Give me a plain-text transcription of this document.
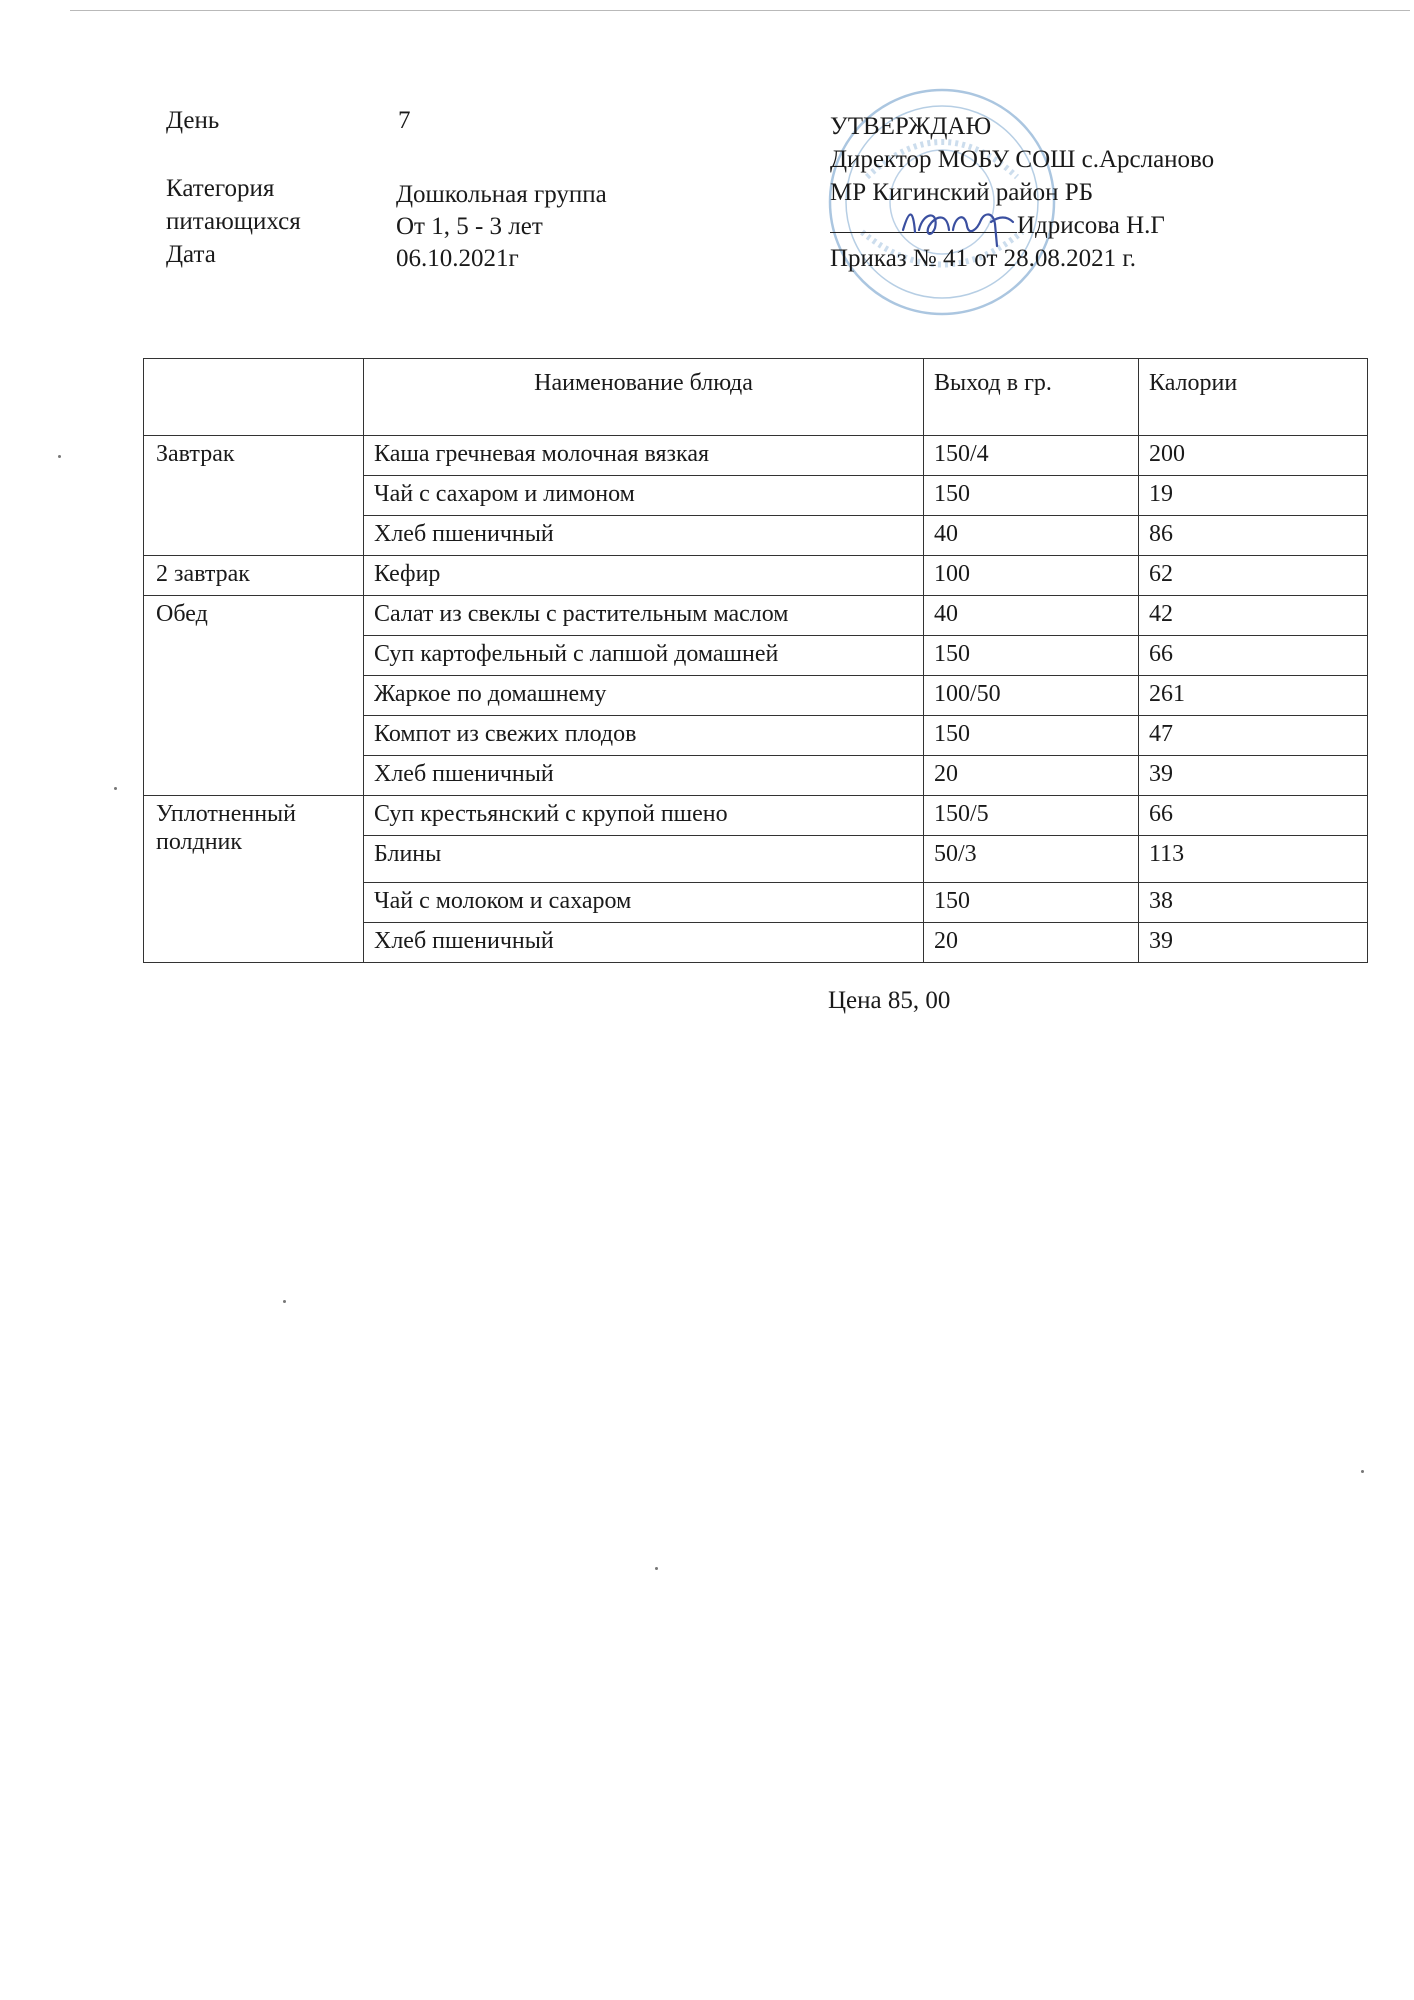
День	7
Категория
питающихся
Дата
Дошкольная группа
От 1, 5 - 3 лет
06.10.2021г
УТВЕРЖДАЮ
Директор МОБУ СОШ с.Арсланово
МР Кигинский район РБ
Идрисова Н.Г
Приказ № 41 от 28.08.2021 г.
	Наименование блюда	Выход в гр.	Калории
Завтрак	Каша гречневая молочная вязкая	150/4	200
	Чай с сахаром и лимоном	150	19
	Хлеб пшеничный	40	86
2 завтрак	Кефир	100	62
Обед	Салат из свеклы с растительным маслом	40	42
	Суп картофельный с лапшой домашней	150	66
	Жаркое по домашнему	100/50	261
	Компот из свежих плодов	150	47
	Хлеб пшеничный	20	39

Уплотненный
полдник	Суп крестьянский с крупой пшено	150/5	66
	Блины	50/3	113
	Чай с молоком и сахаром	150	38
	Хлеб пшеничный	20	39
Цена 85, 00
